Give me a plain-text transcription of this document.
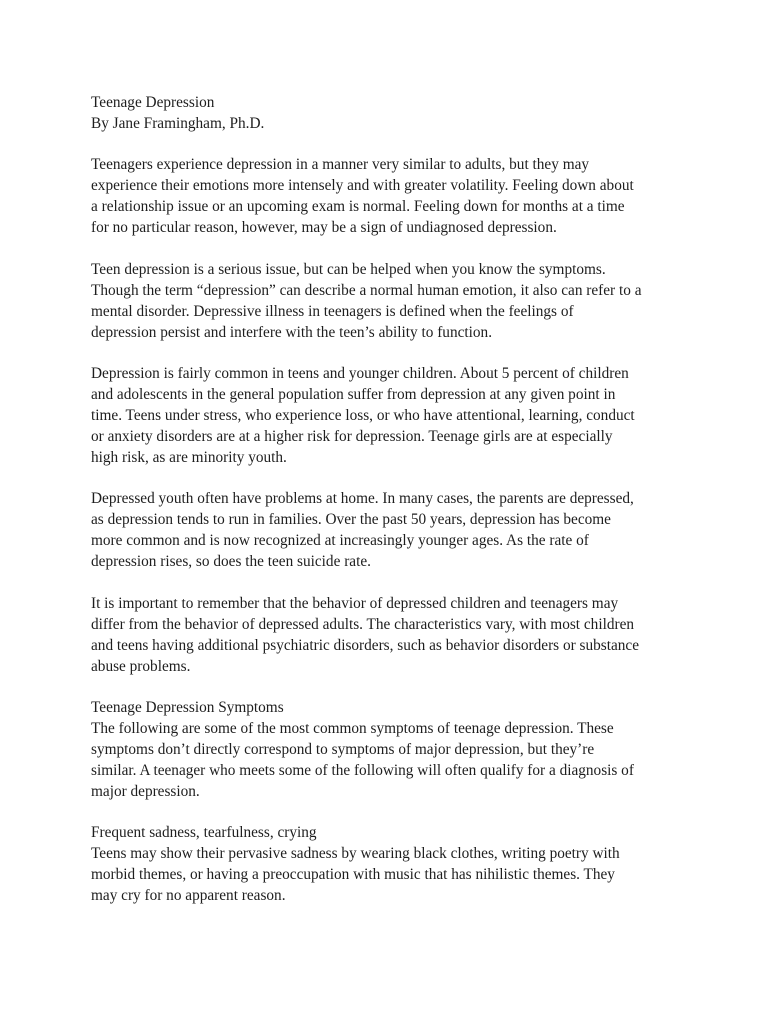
Teenage Depression

By Jane Framingham, Ph.D.

Teenagers experience depression in a manner very similar to adults, but they may
experience their emotions more intensely and with greater volatility. Feeling down about
a relationship issue or an upcoming exam is normal. Feeling down for months at a time
for no particular reason, however, may be a sign of undiagnosed depression.

Teen depression is a serious issue, but can be helped when you know the symptoms.
Though the term “depression” can describe a normal human emotion, it also can refer to a
mental disorder. Depressive illness in teenagers is defined when the feelings of
depression persist and interfere with the teen’s ability to function.

Depression is fairly common in teens and younger children. About 5 percent of children
and adolescents in the general population suffer from depression at any given point in
time. Teens under stress, who experience loss, or who have attentional, learning, conduct
or anxiety disorders are at a higher risk for depression. Teenage girls are at especially
high risk, as are minority youth.

Depressed youth often have problems at home. In many cases, the parents are depressed,
as depression tends to run in families. Over the past 50 years, depression has become
more common and is now recognized at increasingly younger ages. As the rate of
depression rises, so does the teen suicide rate.

It is important to remember that the behavior of depressed children and teenagers may
differ from the behavior of depressed adults. The characteristics vary, with most children
and teens having additional psychiatric disorders, such as behavior disorders or substance
abuse problems.

Teenage Depression Symptoms

The following are some of the most common symptoms of teenage depression. These
symptoms don’t directly correspond to symptoms of major depression, but they’re
similar. A teenager who meets some of the following will often qualify for a diagnosis of
major depression.

Frequent sadness, tearfulness, crying

Teens may show their pervasive sadness by wearing black clothes, writing poetry with
morbid themes, or having a preoccupation with music that has nihilistic themes. They
may cry for no apparent reason.
